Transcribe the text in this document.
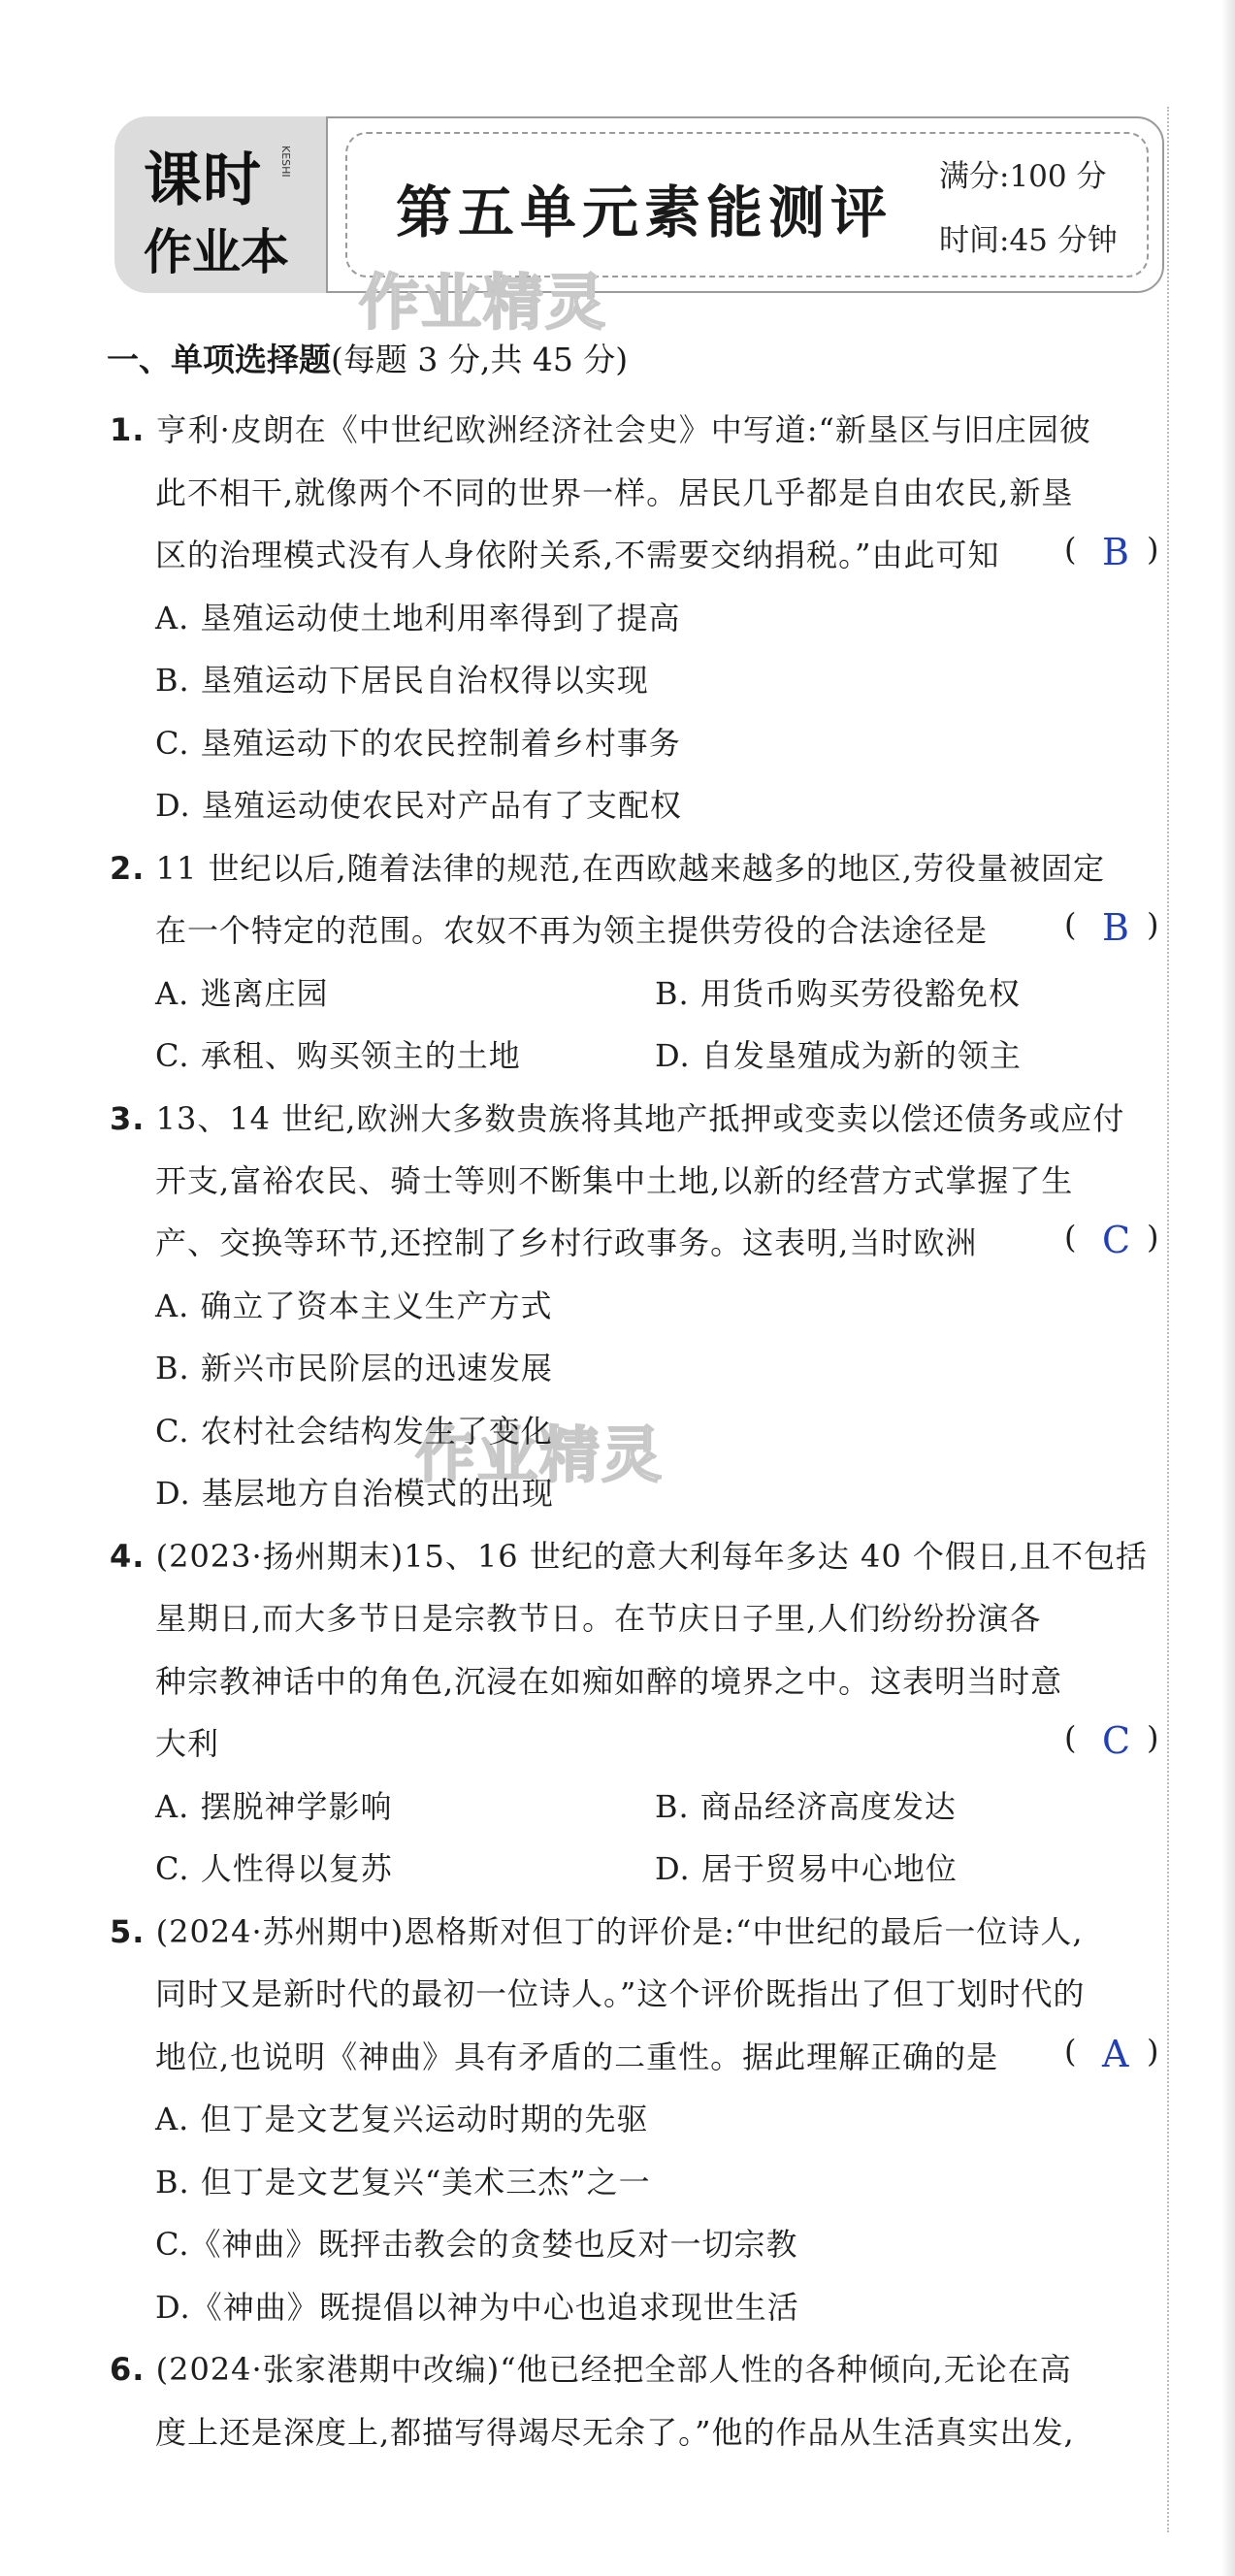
课时 KESHI
作业本
第五单元素能测评
满分:100 分
时间:45 分钟
作业精灵
作业精灵
一、单项选择题(每题 3 分,共 45 分)
1. 亨利·皮朗在《中世纪欧洲经济社会史》中写道:“新垦区与旧庄园彼
此不相干,就像两个不同的世界一样。居民几乎都是自由农民,新垦
区的治理模式没有人身依附关系,不需要交纳捐税。”由此可知 ( B )
A. 垦殖运动使土地利用率得到了提高
B. 垦殖运动下居民自治权得以实现
C. 垦殖运动下的农民控制着乡村事务
D. 垦殖运动使农民对产品有了支配权
2. 11 世纪以后,随着法律的规范,在西欧越来越多的地区,劳役量被固定
在一个特定的范围。农奴不再为领主提供劳役的合法途径是 ( B )
A. 逃离庄园	B. 用货币购买劳役豁免权
C. 承租、购买领主的土地	D. 自发垦殖成为新的领主
3. 13、14 世纪,欧洲大多数贵族将其地产抵押或变卖以偿还债务或应付
开支,富裕农民、骑士等则不断集中土地,以新的经营方式掌握了生
产、交换等环节,还控制了乡村行政事务。这表明,当时欧洲	( C )
A. 确立了资本主义生产方式
B. 新兴市民阶层的迅速发展
C. 农村社会结构发生了变化
D. 基层地方自治模式的出现
4. (2023·扬州期末)15、16 世纪的意大利每年多达 40 个假日,且不包括
星期日,而大多节日是宗教节日。在节庆日子里,人们纷纷扮演各
种宗教神话中的角色,沉浸在如痴如醉的境界之中。这表明当时意
大利	( C )
A. 摆脱神学影响	B. 商品经济高度发达
C. 人性得以复苏	D. 居于贸易中心地位
5. (2024·苏州期中)恩格斯对但丁的评价是:“中世纪的最后一位诗人,
同时又是新时代的最初一位诗人。”这个评价既指出了但丁划时代的
地位,也说明《神曲》具有矛盾的二重性。据此理解正确的是 ( A )
A. 但丁是文艺复兴运动时期的先驱
B. 但丁是文艺复兴“美术三杰”之一
C.《神曲》既抨击教会的贪婪也反对一切宗教
D.《神曲》既提倡以神为中心也追求现世生活
6. (2024·张家港期中改编)“他已经把全部人性的各种倾向,无论在高
度上还是深度上,都描写得竭尽无余了。”他的作品从生活真实出发,
